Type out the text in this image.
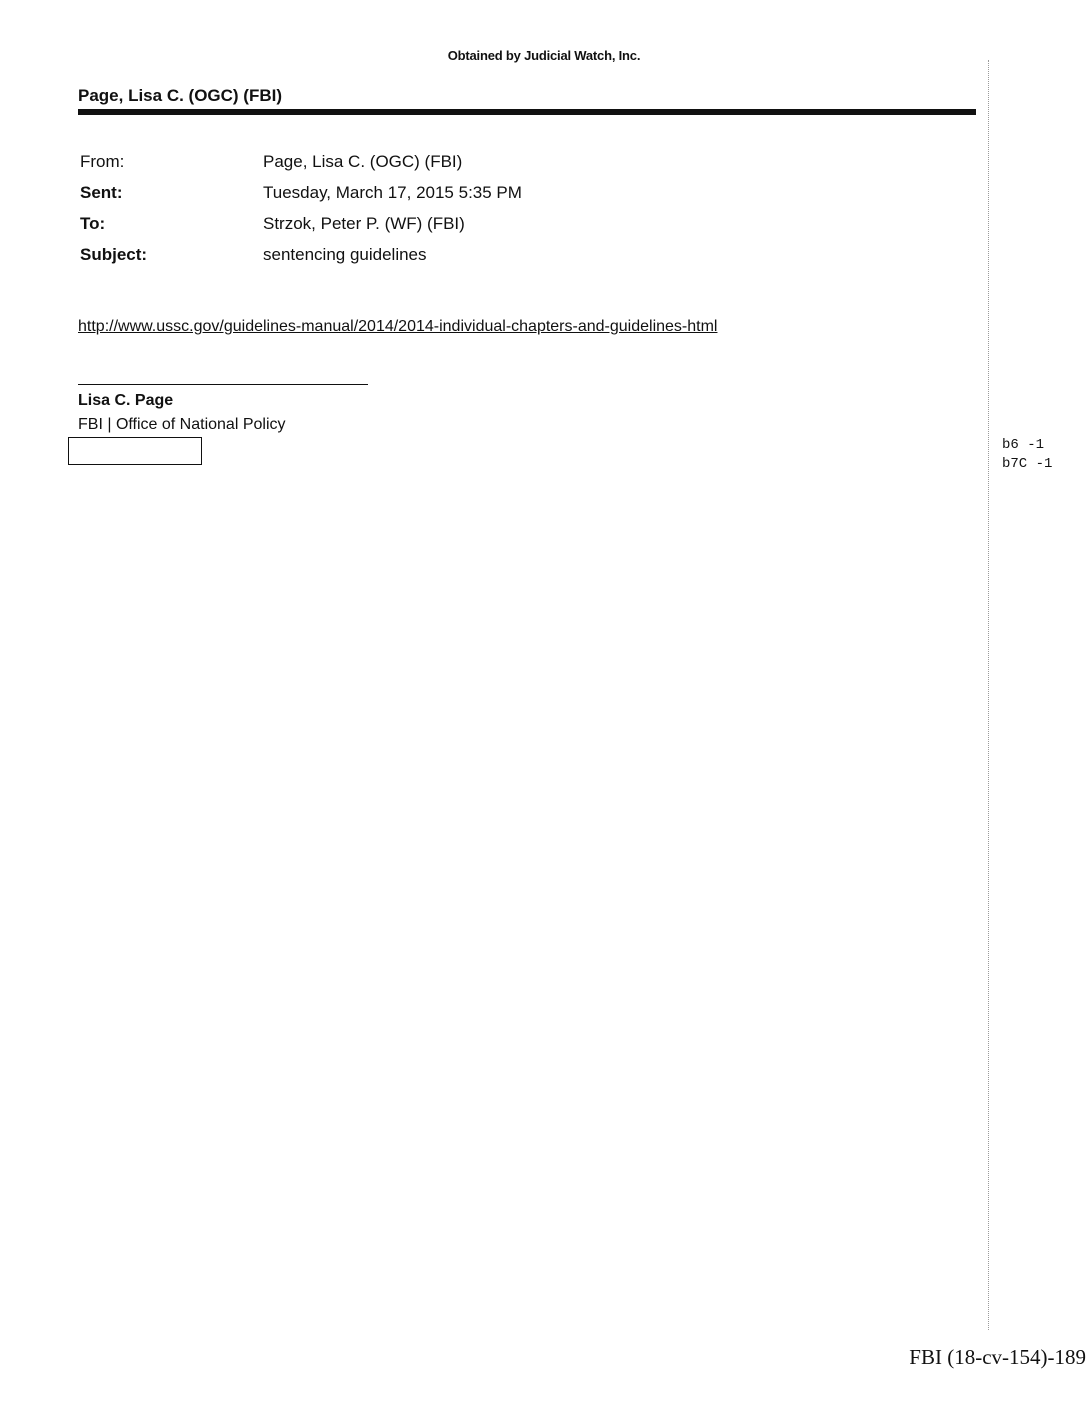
Obtained by Judicial Watch, Inc.
Page, Lisa C. (OGC) (FBI)
From:	Page, Lisa C. (OGC) (FBI)
Sent:	Tuesday, March 17, 2015 5:35 PM
To:	Strzok, Peter P. (WF) (FBI)
Subject:	sentencing guidelines
http://www.ussc.gov/guidelines-manual/2014/2014-individual-chapters-and-guidelines-html
Lisa C. Page
FBI | Office of National Policy
b6 -1
b7C -1
FBI (18-cv-154)-189
